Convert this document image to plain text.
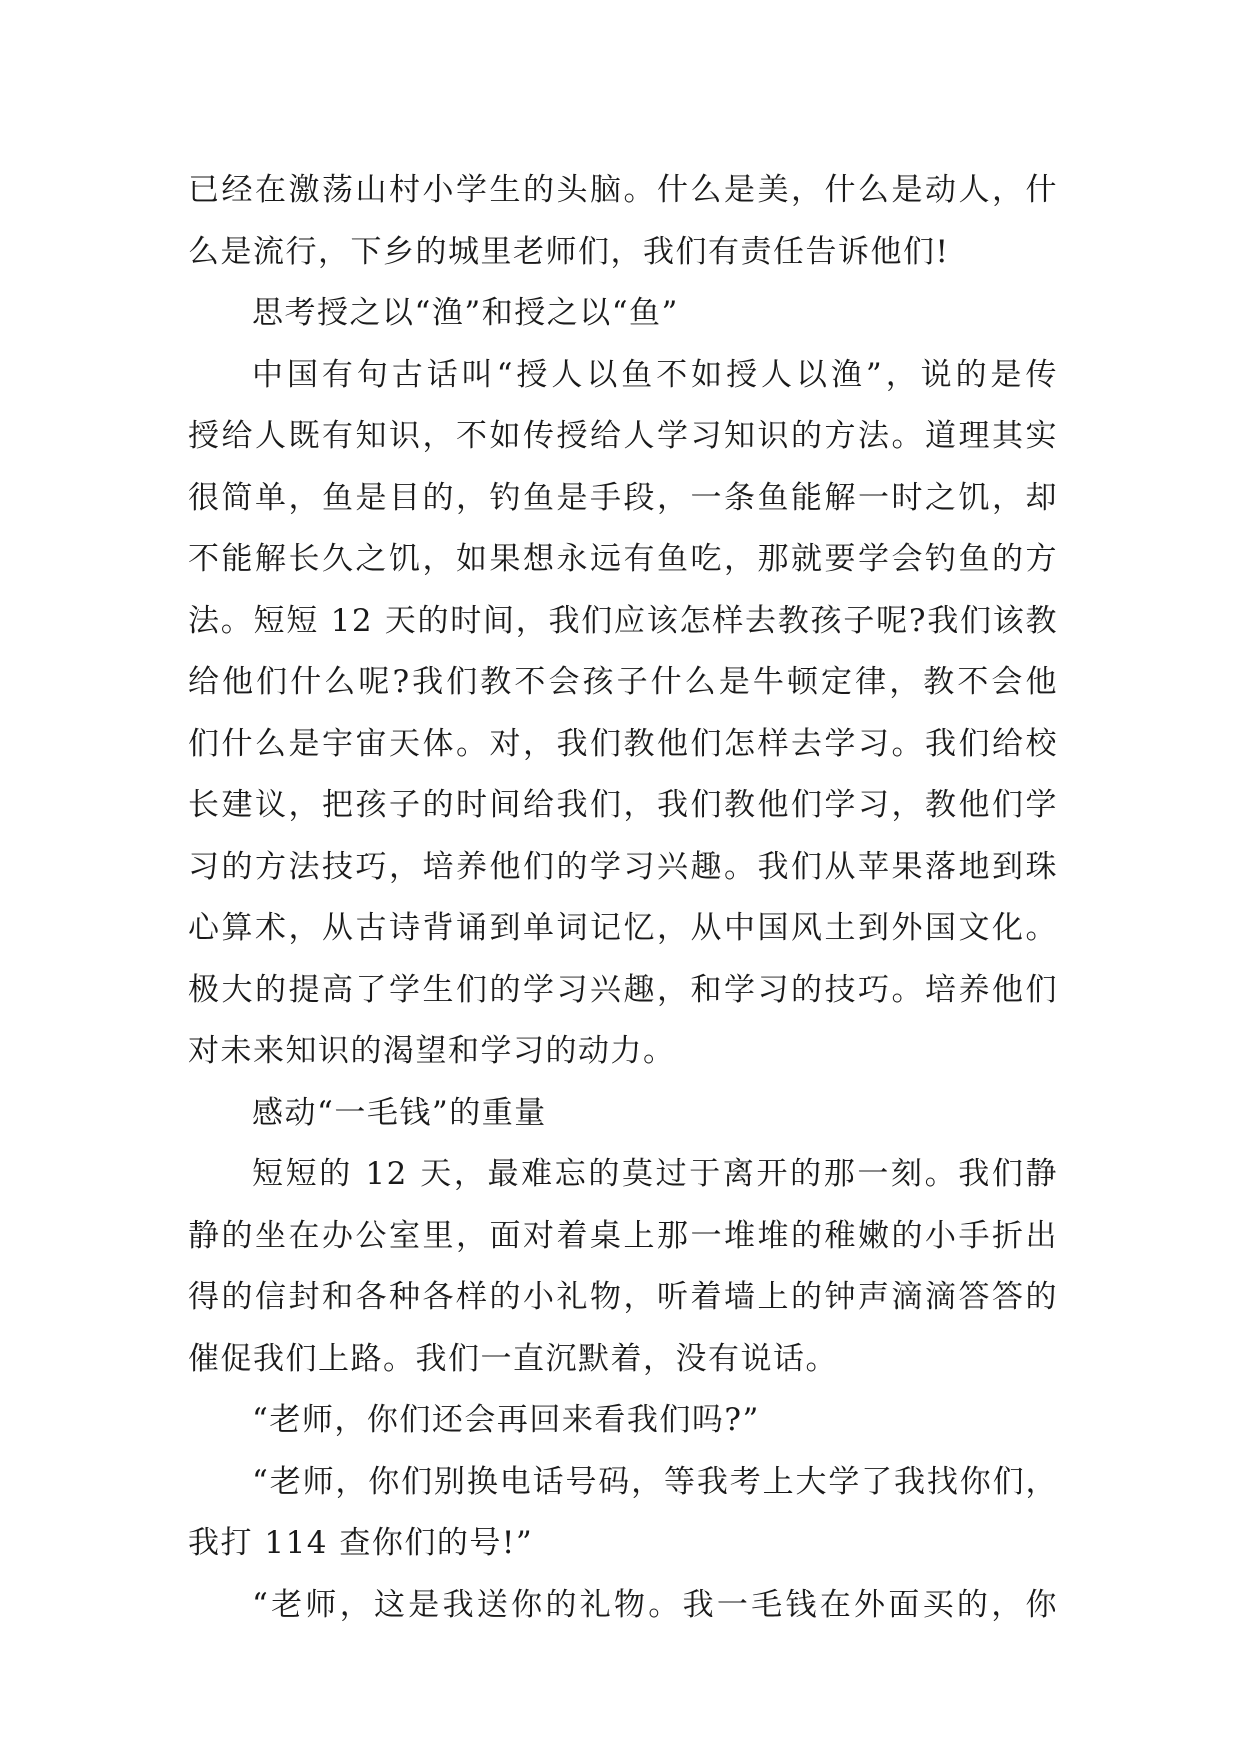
已经在激荡山村小学生的头脑。什么是美，什么是动人，什
么是流行，下乡的城里老师们，我们有责任告诉他们!
思考授之以“渔”和授之以“鱼”
中国有句古话叫“授人以鱼不如授人以渔”，说的是传
授给人既有知识，不如传授给人学习知识的方法。道理其实
很简单，鱼是目的，钓鱼是手段，一条鱼能解一时之饥，却
不能解长久之饥，如果想永远有鱼吃，那就要学会钓鱼的方
法。短短 12 天的时间，我们应该怎样去教孩子呢?我们该教
给他们什么呢?我们教不会孩子什么是牛顿定律，教不会他
们什么是宇宙天体。对，我们教他们怎样去学习。我们给校
长建议，把孩子的时间给我们，我们教他们学习，教他们学
习的方法技巧，培养他们的学习兴趣。我们从苹果落地到珠
心算术，从古诗背诵到单词记忆，从中国风土到外国文化。
极大的提高了学生们的学习兴趣，和学习的技巧。培养他们
对未来知识的渴望和学习的动力。
感动“一毛钱”的重量
短短的 12 天，最难忘的莫过于离开的那一刻。我们静
静的坐在办公室里，面对着桌上那一堆堆的稚嫩的小手折出
得的信封和各种各样的小礼物，听着墙上的钟声滴滴答答的
催促我们上路。我们一直沉默着，没有说话。
“老师，你们还会再回来看我们吗?”
“老师，你们别换电话号码，等我考上大学了我找你们，
我打 114 查你们的号!”
“老师，这是我送你的礼物。我一毛钱在外面买的，你
